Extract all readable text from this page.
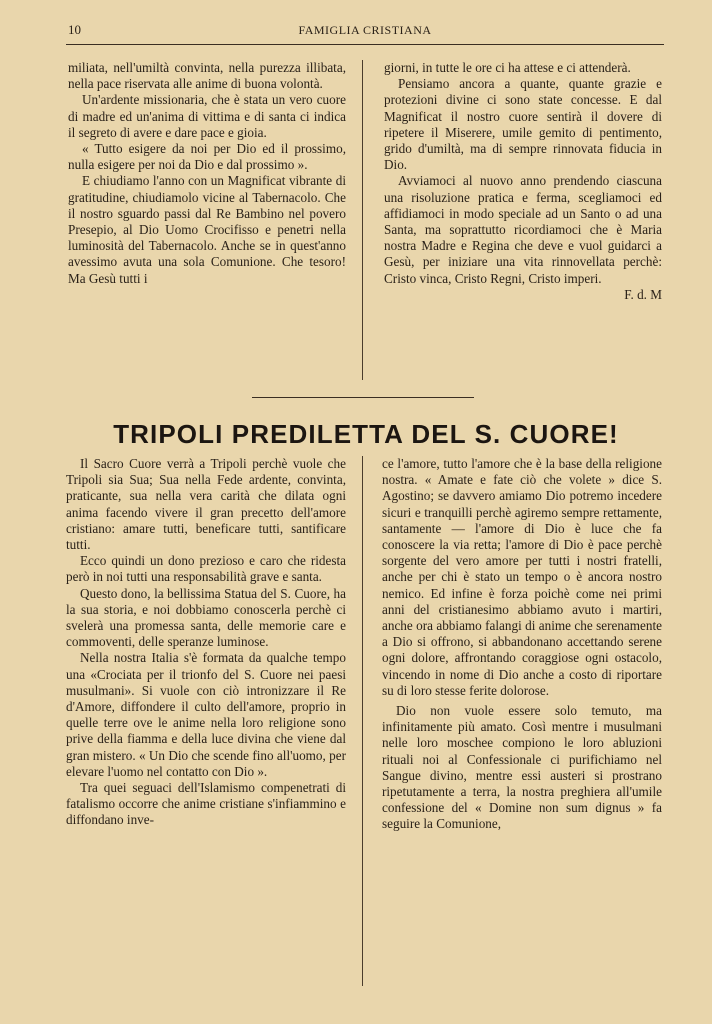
10	FAMIGLIA CRISTIANA

miliata, nell'umiltà convinta, nella purezza illibata, nella pace riservata alle anime di buona volontà.

Un'ardente missionaria, che è stata un vero cuore di madre ed un'anima di vittima e di santa ci indica il segreto di avere e dare pace e gioia.

« Tutto esigere da noi per Dio ed il prossimo, nulla esigere per noi da Dio e dal prossimo ».

E chiudiamo l'anno con un Magnificat vibrante di gratitudine, chiudiamolo vicine al Tabernacolo. Che il nostro sguardo passi dal Re Bambino nel povero Presepio, al Dio Uomo Crocifisso e penetri nella luminosità del Tabernacolo. Anche se in quest'anno avessimo avuta una sola Comunione. Che tesoro! Ma Gesù tutti i

giorni, in tutte le ore ci ha attese e ci attenderà.

Pensiamo ancora a quante, quante grazie e protezioni divine ci sono state concesse. E dal Magnificat il nostro cuore sentirà il dovere di ripetere il Miserere, umile gemito di pentimento, grido d'umiltà, ma di sempre rinnovata fiducia in Dio.

Avviamoci al nuovo anno prendendo ciascuna una risoluzione pratica e ferma, scegliamoci ed affidiamoci in modo speciale ad un Santo o ad una Santa, ma soprattutto ricordiamoci che è Maria nostra Madre e Regina che deve e vuol guidarci a Gesù, per iniziare una vita rinnovellata perchè: Cristo vinca, Cristo Regni, Cristo imperi.

F. d. M

TRIPOLI PREDILETTA DEL S. CUORE!

Il Sacro Cuore verrà a Tripoli perchè vuole che Tripoli sia Sua; Sua nella Fede ardente, convinta, praticante, sua nella vera carità che dilata ogni anima facendo vivere il gran precetto dell'amore cristiano: amare tutti, beneficare tutti, santificare tutti.

Ecco quindi un dono prezioso e caro che ridesta però in noi tutti una responsabilità grave e santa.

Questo dono, la bellissima Statua del S. Cuore, ha la sua storia, e noi dobbiamo conoscerla perchè ci svelerà una promessa santa, delle memorie care e commoventi, delle speranze luminose.

Nella nostra Italia s'è formata da qualche tempo una «Crociata per il trionfo del S. Cuore nei paesi musulmani». Si vuole con ciò intronizzare il Re d'Amore, diffondere il culto dell'amore, proprio in quelle terre ove le anime nella loro religione sono prive della fiamma e della luce divina che viene dal gran mistero. « Un Dio che scende fino all'uomo, per elevare l'uomo nel contatto con Dio ».

Tra quei seguaci dell'Islamismo compenetrati di fatalismo occorre che anime cristiane s'infiammino e diffondano inve-

ce l'amore, tutto l'amore che è la base della religione nostra. « Amate e fate ciò che volete » dice S. Agostino; se davvero amiamo Dio potremo incedere sicuri e tranquilli perchè agiremo sempre rettamente, santamente — l'amore di Dio è luce che fa conoscere la via retta; l'amore di Dio è pace perchè sorgente del vero amore per tutti i nostri fratelli, anche per chi è stato un tempo o è ancora nostro nemico. Ed infine è forza poichè come nei primi anni del cristianesimo abbiamo avuto i martiri, anche ora abbiamo falangi di anime che serenamente a Dio si offrono, si abbandonano accettando serene ogni dolore, affrontando coraggiose ogni ostacolo, vincendo in nome di Dio anche a costo di riportare su di loro stesse ferite dolorose.

Dio non vuole essere solo temuto, ma infinitamente più amato. Così mentre i musulmani nelle loro moschee compiono le loro abluzioni rituali noi al Confessionale ci purifichiamo nel Sangue divino, mentre essi austeri si prostrano ripetutamente a terra, la nostra preghiera all'umile confessione del « Domine non sum dignus » fa seguire la Comunione,
